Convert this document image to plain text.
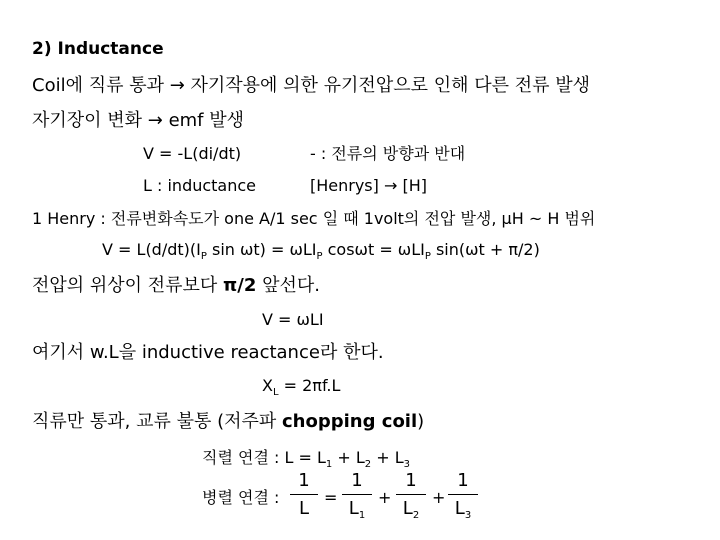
2) Inductance
Coil에 직류 통과 → 자기작용에 의한 유기전압으로 인해 다른 전류 발생
자기장이 변화 → emf 발생
V = -L(di/dt)	- : 전류의 방향과 반대
L : inductance	[Henrys] → [H]
1 Henry : 전류변화속도가 one A/1 sec 일 때 1volt의 전압 발생, μH ~ H 범위
$V = L(d/dt)(I_P$ sin ωt) = ωLI$_P$ cosωt = ωLI$_P$ sin(ωt + π/2)
전압의 위상이 전류보다 π/2 앞선다.
V = ωLI
여기서 w.L을 inductive reactance라 한다.
$X_L = 2\pi f.L$
직류만 통과, 교류 불통 (저주파 chopping coil)
직렬 연결 : $L = L_1 + L_2 + L_3$
병렬 연결 :
1
L
=
1
$L_1$
+
1
$L_2$
+
1
$L_3$
